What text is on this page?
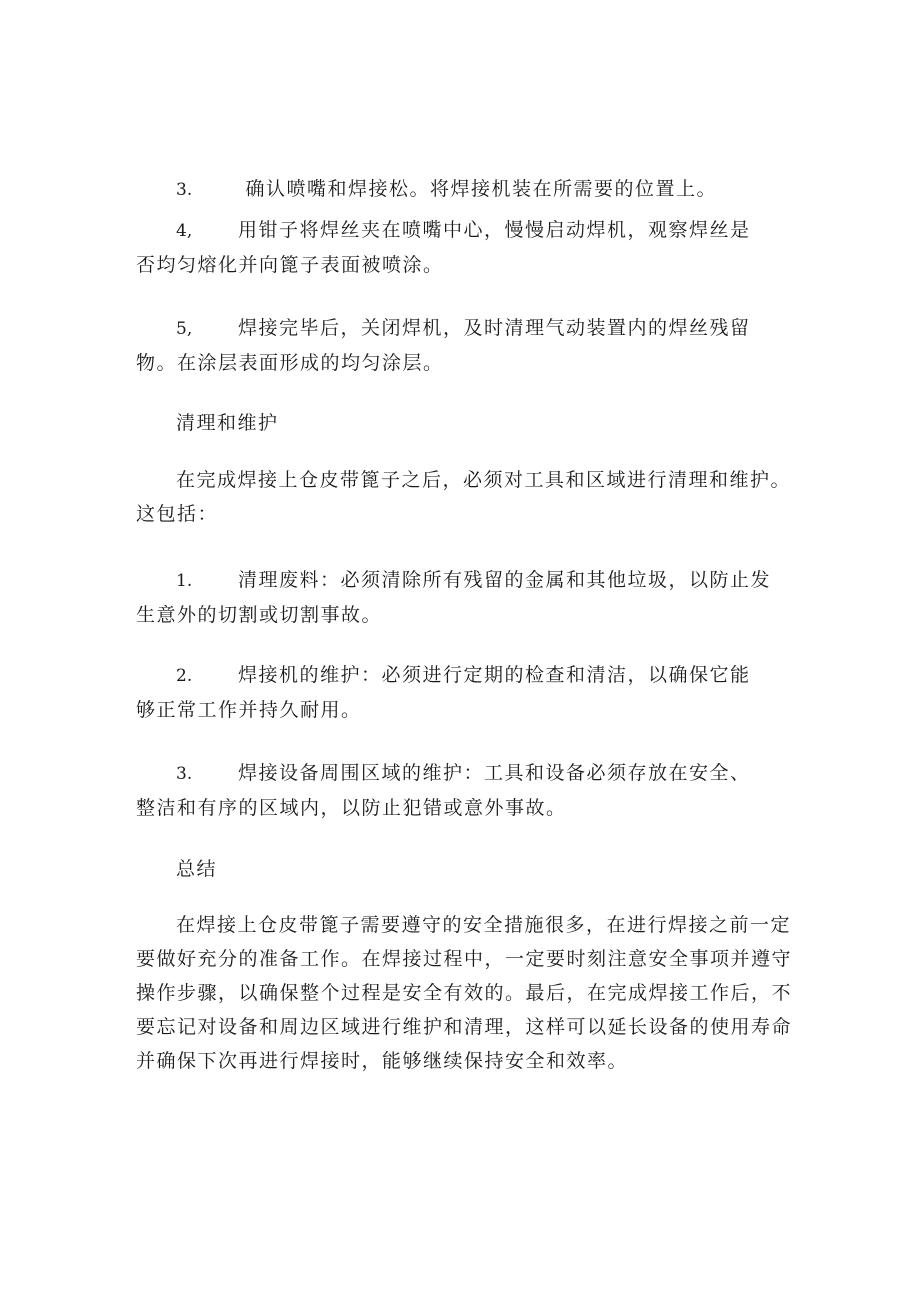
3. 确认喷嘴和焊接松。将焊接机装在所需要的位置上。
4, 用钳子将焊丝夹在喷嘴中心，慢慢启动焊机，观察焊丝是
否均匀熔化并向篦子表面被喷涂。
5, 焊接完毕后，关闭焊机，及时清理气动装置内的焊丝残留
物。在涂层表面形成的均匀涂层。
清理和维护
在完成焊接上仓皮带篦子之后，必须对工具和区域进行清理和维护。
这包括：
1. 清理废料：必须清除所有残留的金属和其他垃圾，以防止发
生意外的切割或切割事故。
2. 焊接机的维护：必须进行定期的检查和清洁，以确保它能
够正常工作并持久耐用。
3. 焊接设备周围区域的维护：工具和设备必须存放在安全、
整洁和有序的区域内，以防止犯错或意外事故。
总结
在焊接上仓皮带篦子需要遵守的安全措施很多，在进行焊接之前一定
要做好充分的准备工作。在焊接过程中，一定要时刻注意安全事项并遵守
操作步骤，以确保整个过程是安全有效的。最后，在完成焊接工作后，不
要忘记对设备和周边区域进行维护和清理，这样可以延长设备的使用寿命
并确保下次再进行焊接时，能够继续保持安全和效率。
